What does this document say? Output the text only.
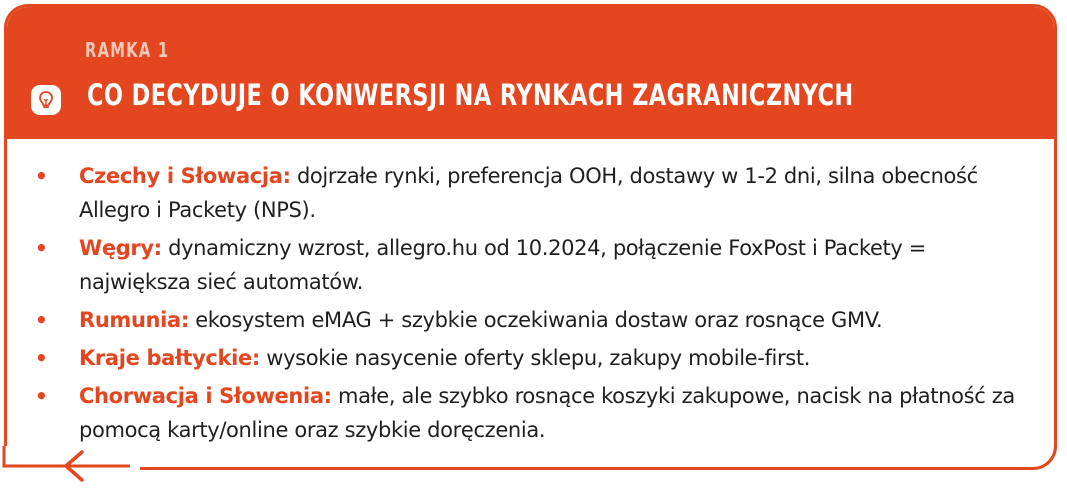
RAMKA 1
CO DECYDUJE O KONWERSJI NA RYNKACH ZAGRANICZNYCH
• Czechy i Słowacja: dojrzałe rynki, preferencja OOH, dostawy w 1-2 dni, silna obecność Allegro i Packety (NPS).
• Węgry: dynamiczny wzrost, allegro.hu od 10.2024, połączenie FoxPost i Packety = największa sieć automatów.
• Rumunia: ekosystem eMAG + szybkie oczekiwania dostaw oraz rosnące GMV.
• Kraje bałtyckie: wysokie nasycenie oferty sklepu, zakupy mobile-first.
• Chorwacja i Słowenia: małe, ale szybko rosnące koszyki zakupowe, nacisk na płatność za pomocą karty/online oraz szybkie doręczenia.
